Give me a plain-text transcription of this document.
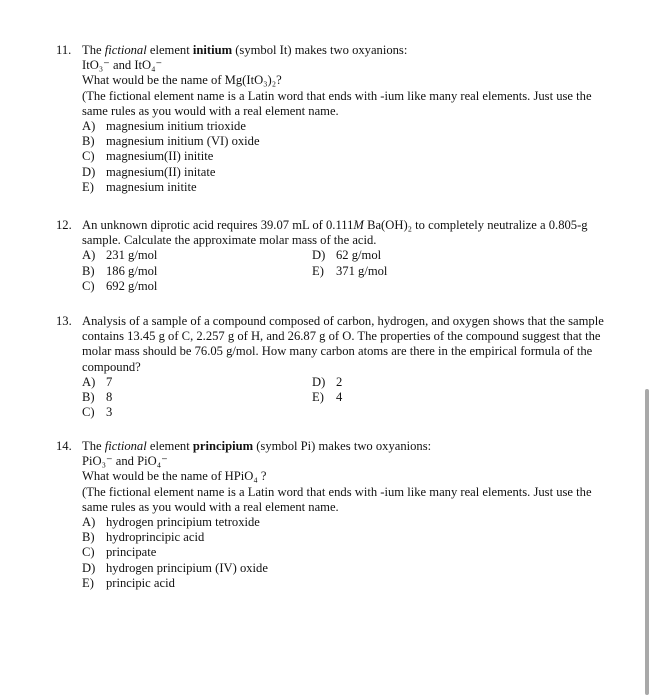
11. The fictional element initium (symbol It) makes two oxyanions:
ItO₃⁻ and ItO₄⁻
What would be the name of Mg(ItO₃)₂?
(The fictional element name is a Latin word that ends with -ium like many real elements. Just use the same rules as you would with a real element name.
A) magnesium initium trioxide
B) magnesium initium (VI) oxide
C) magnesium(II) initite
D) magnesium(II) initate
E) magnesium initite
12. An unknown diprotic acid requires 39.07 mL of 0.111M Ba(OH)₂ to completely neutralize a 0.805-g sample. Calculate the approximate molar mass of the acid.
A) 231 g/mol
B) 186 g/mol
C) 692 g/mol
D) 62 g/mol
E) 371 g/mol
13. Analysis of a sample of a compound composed of carbon, hydrogen, and oxygen shows that the sample contains 13.45 g of C, 2.257 g of H, and 26.87 g of O. The properties of the compound suggest that the molar mass should be 76.05 g/mol. How many carbon atoms are there in the empirical formula of the compound?
A) 7
B) 8
C) 3
D) 2
E) 4
14. The fictional element principium (symbol Pi) makes two oxyanions:
PiO₃⁻ and PiO₄⁻
What would be the name of HPiO₄ ?
(The fictional element name is a Latin word that ends with -ium like many real elements. Just use the same rules as you would with a real element name.
A) hydrogen principium tetroxide
B) hydroprincipic acid
C) principate
D) hydrogen principium (IV) oxide
E) principic acid
